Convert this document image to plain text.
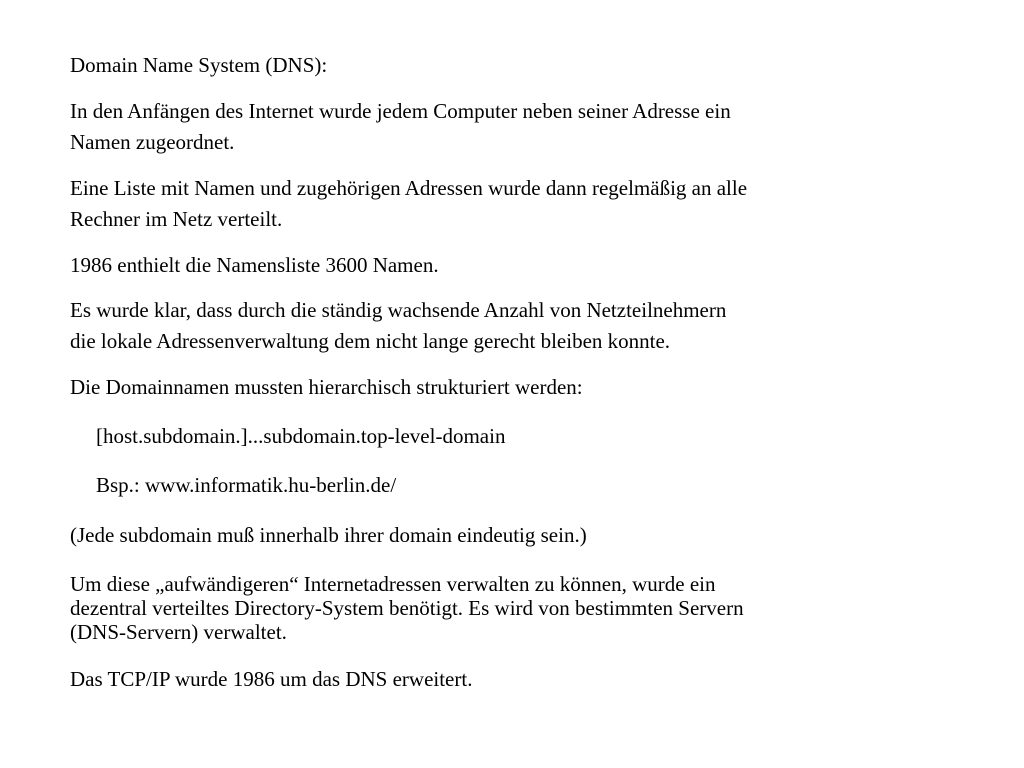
Domain Name System (DNS):

In den Anfängen des Internet wurde jedem Computer neben seiner Adresse ein
Namen zugeordnet.

Eine Liste mit Namen und zugehörigen Adressen wurde dann regelmäßig an alle
Rechner im Netz verteilt.

1986 enthielt die Namensliste 3600 Namen.

Es wurde klar, dass durch die ständig wachsende Anzahl von Netzteilnehmern
die lokale Adressenverwaltung dem nicht lange gerecht bleiben konnte.

Die Domainnamen mussten hierarchisch strukturiert werden:

[host.subdomain.]...subdomain.top-level-domain

Bsp.: www.informatik.hu-berlin.de/

(Jede subdomain muß innerhalb ihrer domain eindeutig sein.)

Um diese „aufwändigeren“ Internetadressen verwalten zu können, wurde ein
dezentral verteiltes Directory-System benötigt. Es wird von bestimmten Servern
(DNS-Servern) verwaltet.

Das TCP/IP wurde 1986 um das DNS erweitert.
